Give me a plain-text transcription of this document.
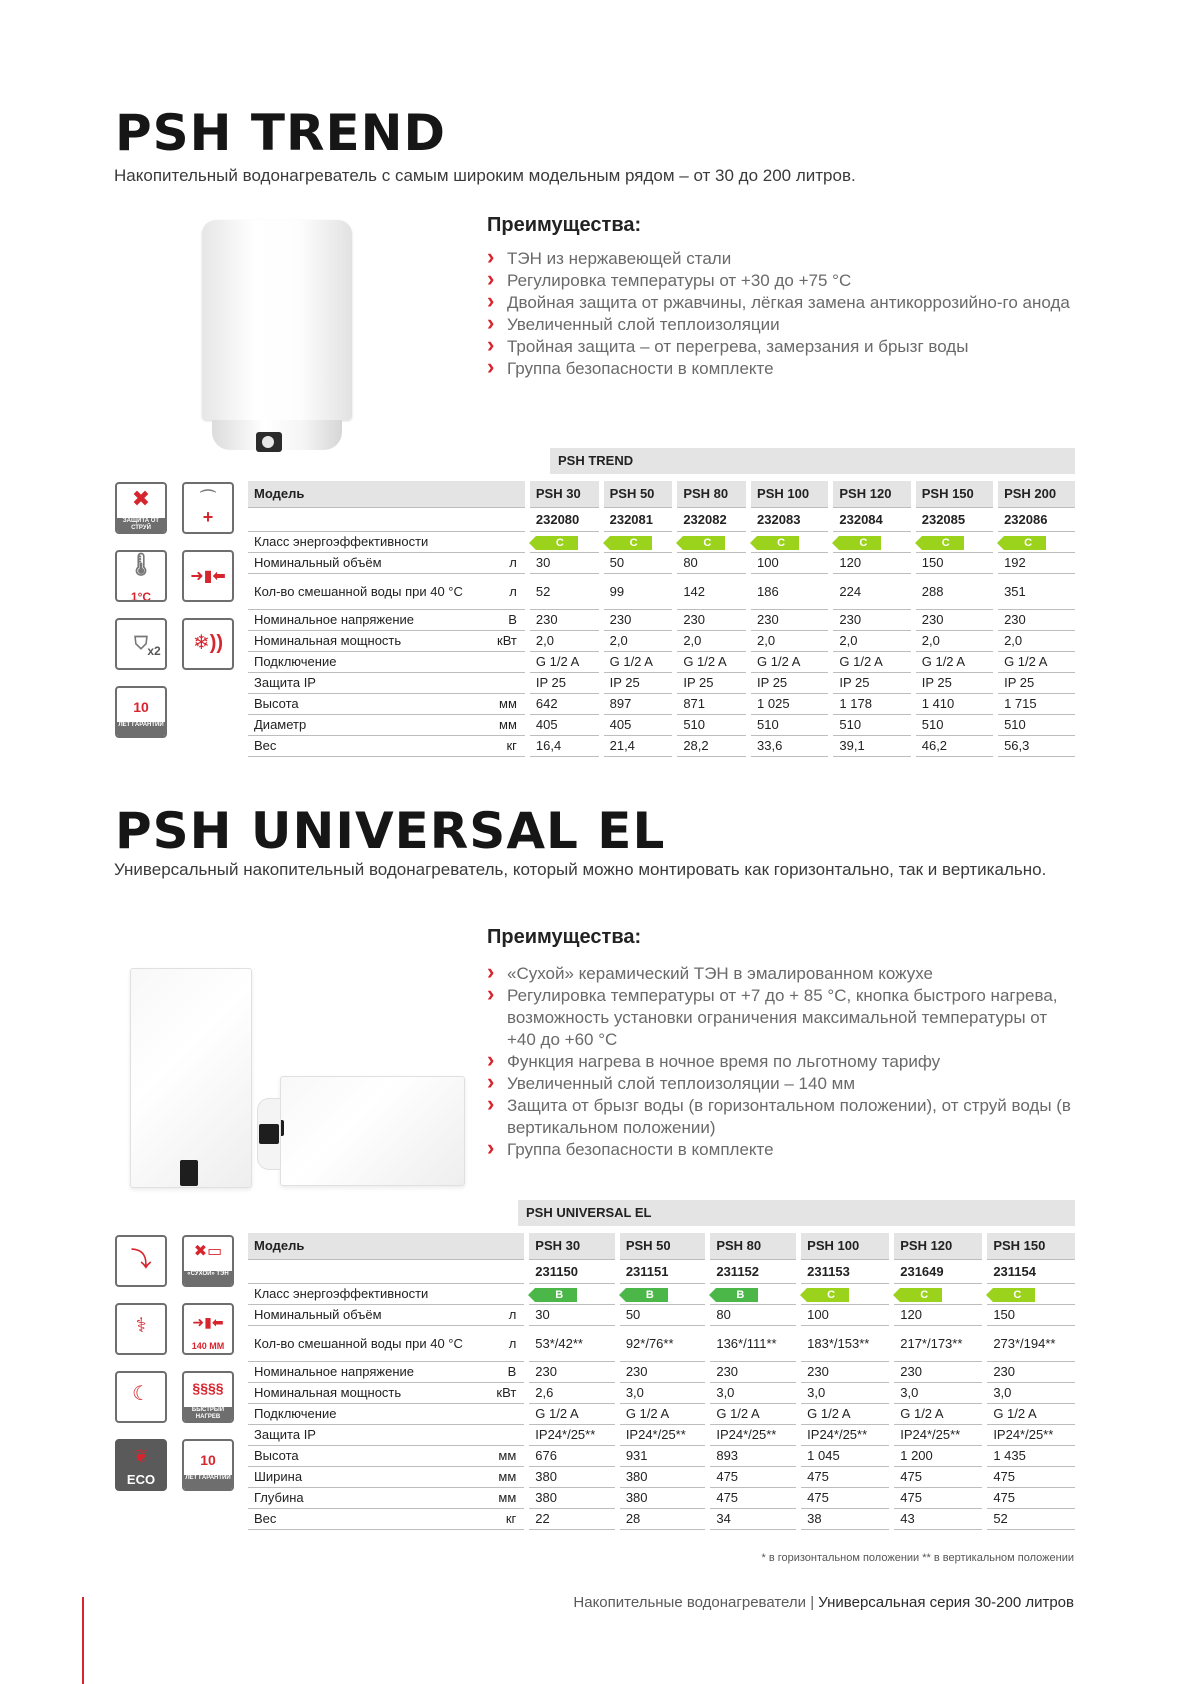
PSH TREND

Накопительный водонагреватель с самым широким модельным рядом – от 30 до 200 литров.

Преимущества:
› ТЭН из нержавеющей стали
› Регулировка температуры от +30 до +75 °С
› Двойная защита от ржавчины, лёгкая замена антикоррозийно-го анода
› Увеличенный слой теплоизоляции
› Тройная защита – от перегрева, замерзания и брызг воды
› Группа безопасности в комплекте
✖
ЗАЩИТА ОТ СТРУЙ
⌒
+
🌡
1°С
➜▮⬅
⛉ x2	❄))
10
ЛЕТ ГАРАНТИИ
PSH TREND
Модель		PSH 30	PSH 50	PSH 80	PSH 100	PSH 120	PSH 150	PSH 200
		232080	232081	232082	232083	232084	232085	232086
Класс энергоэффективности		C	C	C	C	C	C	C
Номинальный объём	л	30	50	80	100	120	150	192
Кол-во смешанной воды при 40 °С	л	52	99	142	186	224	288	351
Номинальное напряжение	В	230	230	230	230	230	230	230
Номинальная мощность	кВт	2,0	2,0	2,0	2,0	2,0	2,0	2,0
Подключение		G 1/2 A	G 1/2 A	G 1/2 A	G 1/2 A	G 1/2 A	G 1/2 A	G 1/2 A
Защита IP		IP 25	IP 25	IP 25	IP 25	IP 25	IP 25	IP 25
Высота	мм	642	897	871	1 025	1 178	1 410	1 715
Диаметр	мм	405	405	510	510	510	510	510
Вес	кг	16,4	21,4	28,2	33,6	39,1	46,2	56,3
PSH UNIVERSAL EL

Универсальный накопительный водонагреватель, который можно монтировать как горизонтально, так и вертикально.

Преимущества:
› «Сухой» керамический ТЭН в эмалированном кожухе
› Регулировка температуры от +7 до + 85 °С, кнопка быстрого нагрева, возможность установки ограничения максимальной температуры от +40 до +60 °С
› Функция нагрева в ночное время по льготному тарифу
› Увеличенный слой теплоизоляции – 140 мм
› Защита от брызг воды (в горизонтальном положении), от струй воды (в вертикальном положении)
› Группа безопасности в комплекте
⤵	✖▭
«СУХОЙ» ТЭН
⚕	➜▮⬅
140 ММ
☾	§§§§
БЫСТРЫЙ НАГРЕВ
❦
ECO
10
ЛЕТ ГАРАНТИИ
PSH UNIVERSAL EL
Модель		PSH 30	PSH 50	PSH 80	PSH 100	PSH 120	PSH 150
		231150	231151	231152	231153	231649	231154
Класс энергоэффективности		B	B	B	C	C	C
Номинальный объём	л	30	50	80	100	120	150
Кол-во смешанной воды при 40 °С	л	53*/42**	92*/76**	136*/111**	183*/153**	217*/173**	273*/194**
Номинальное напряжение	В	230	230	230	230	230	230
Номинальная мощность	кВт	2,6	3,0	3,0	3,0	3,0	3,0
Подключение		G 1/2 A	G 1/2 A	G 1/2 A	G 1/2 A	G 1/2 A	G 1/2 A
Защита IP		IP24*/25**	IP24*/25**	IP24*/25**	IP24*/25**	IP24*/25**	IP24*/25**
Высота	мм	676	931	893	1 045	1 200	1 435
Ширина	мм	380	380	475	475	475	475
Глубина	мм	380	380	475	475	475	475
Вес	кг	22	28	34	38	43	52
* в горизонтальном положении ** в вертикальном положении
Накопительные водонагреватели | Универсальная серия 30-200 литров
